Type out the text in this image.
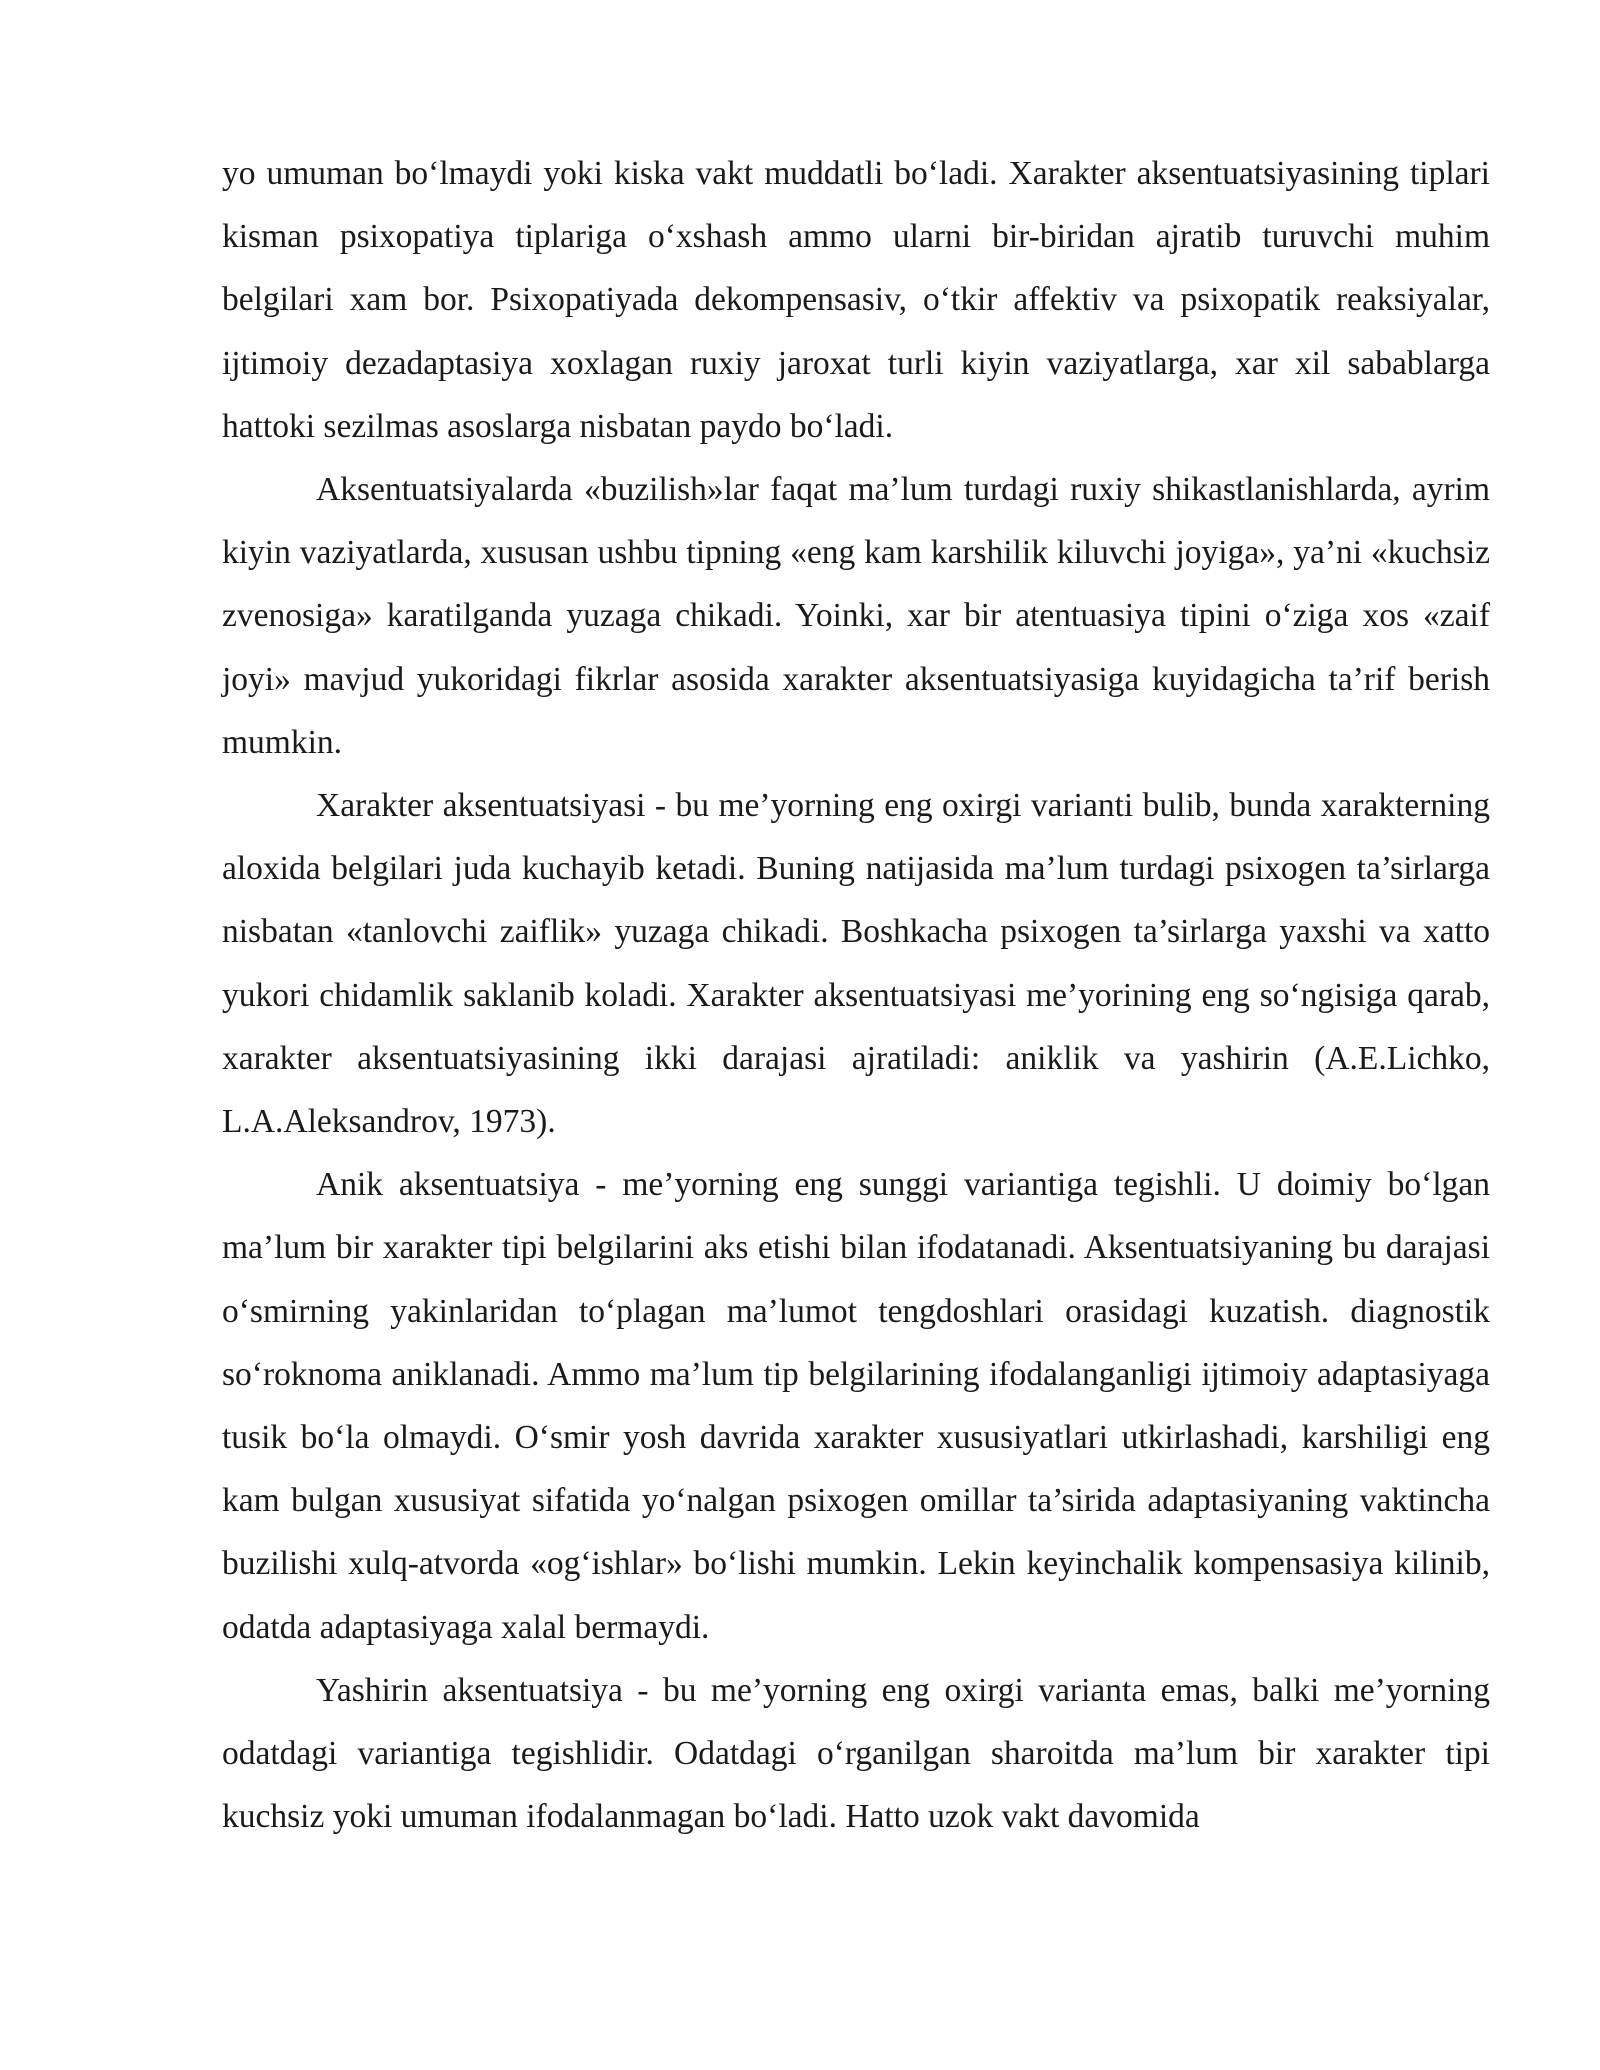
yo umuman bo‘lmaydi yoki kiska vakt muddatli bo‘ladi. Xarakter aksentuatsiyasining tiplari kisman psixopatiya tiplariga o‘xshash ammo ularni bir-biridan ajratib turuvchi muhim belgilari xam bor. Psixopatiyada dekompensasiv, o‘tkir affektiv va psixopatik reaksiyalar, ijtimoiy dezadaptasiya xoxlagan ruxiy jaroxat turli kiyin vaziyatlarga, xar xil sabablarga hattoki sezilmas asoslarga nisbatan paydo bo‘ladi.

Aksentuatsiyalarda «buzilish»lar faqat ma’lum turdagi ruxiy shikastlanishlarda, ayrim kiyin vaziyatlarda, xususan ushbu tipning «eng kam karshilik kiluvchi joyiga», ya’ni «kuchsiz zvenosiga» karatilganda yuzaga chikadi. Yoinki, xar bir atentuasiya tipini o‘ziga xos «zaif joyi» mavjud yukoridagi fikrlar asosida xarakter aksentuatsiyasiga kuyidagicha ta’rif berish mumkin.

Xarakter aksentuatsiyasi - bu me’yorning eng oxirgi varianti bulib, bunda xarakterning aloxida belgilari juda kuchayib ketadi. Buning natijasida ma’lum turdagi psixogen ta’sirlarga nisbatan «tanlovchi zaiflik» yuzaga chikadi. Boshkacha psixogen ta’sirlarga yaxshi va xatto yukori chidamlik saklanib koladi. Xarakter aksentuatsiyasi me’yorining eng so‘ngisiga qarab, xarakter aksentuatsiyasining ikki darajasi ajratiladi: aniklik va yashirin (A.E.Lichko, L.A.Aleksandrov, 1973).

Anik aksentuatsiya - me’yorning eng sunggi variantiga tegishli. U doimiy bo‘lgan ma’lum bir xarakter tipi belgilarini aks etishi bilan ifodatanadi. Aksentuatsiyaning bu darajasi o‘smirning yakinlaridan to‘plagan ma’lumot tengdoshlari orasidagi kuzatish. diagnostik so‘roknoma aniklanadi. Ammo ma’lum tip belgilarining ifodalanganligi ijtimoiy adaptasiyaga tusik bo‘la olmaydi. O‘smir yosh davrida xarakter xususiyatlari utkirlashadi, karshiligi eng kam bulgan xususiyat sifatida yo‘nalgan psixogen omillar ta’sirida adaptasiyaning vaktincha buzilishi xulq-atvorda «og‘ishlar» bo‘lishi mumkin. Lekin keyinchalik kompensasiya kilinib, odatda adaptasiyaga xalal bermaydi.

Yashirin aksentuatsiya - bu me’yorning eng oxirgi varianta emas, balki me’yorning odatdagi variantiga tegishlidir. Odatdagi o‘rganilgan sharoitda ma’lum bir xarakter tipi kuchsiz yoki umuman ifodalanmagan bo‘ladi. Hatto uzok vakt davomida
